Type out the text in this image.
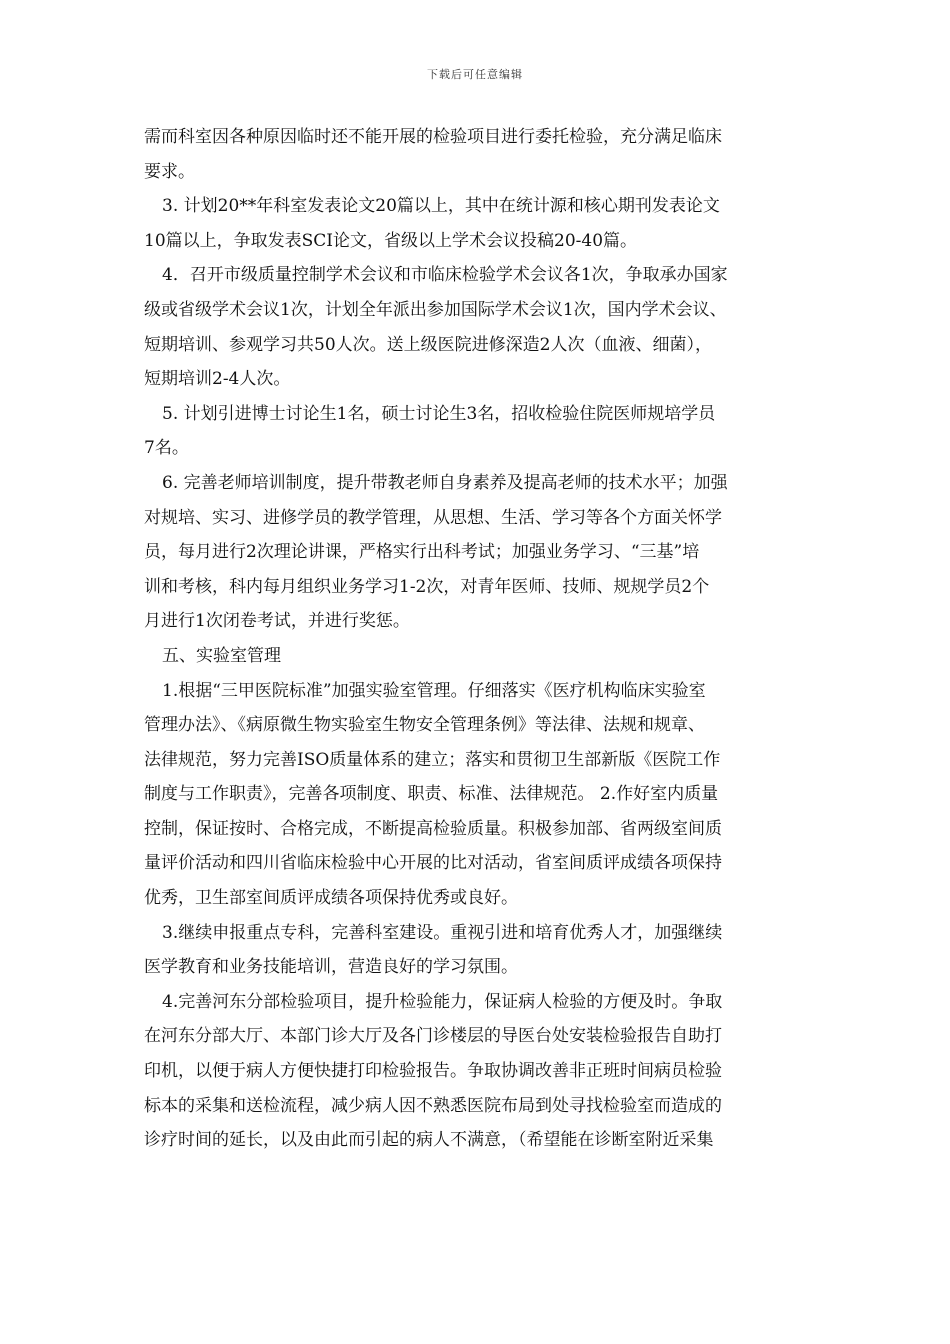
下载后可任意编辑
需而科室因各种原因临时还不能开展的检验项目进行委托检验，充分满足临床
要求。
3. 计划20**年科室发表论文20篇以上，其中在统计源和核心期刊发表论文
10篇以上，争取发表SCI论文，省级以上学术会议投稿20-40篇。
4．召开市级质量控制学术会议和市临床检验学术会议各1次，争取承办国家
级或省级学术会议1次，计划全年派出参加国际学术会议1次，国内学术会议、
短期培训、参观学习共50人次。送上级医院进修深造2人次（血液、细菌），
短期培训2-4人次。
5. 计划引进博士讨论生1名，硕士讨论生3名，招收检验住院医师规培学员
7名。
6. 完善老师培训制度，提升带教老师自身素养及提高老师的技术水平；加强
对规培、实习、进修学员的教学管理，从思想、生活、学习等各个方面关怀学
员，每月进行2次理论讲课，严格实行出科考试；加强业务学习、“三基”培
训和考核，科内每月组织业务学习1-2次，对青年医师、技师、规规学员2个
月进行1次闭卷考试，并进行奖惩。
五、实验室管理
1.根据“三甲医院标准”加强实验室管理。仔细落实《医疗机构临床实验室
管理办法》、《病原微生物实验室生物安全管理条例》等法律、法规和规章、
法律规范，努力完善ISO质量体系的建立；落实和贯彻卫生部新版《医院工作
制度与工作职责》，完善各项制度、职责、标准、法律规范。 2.作好室内质量
控制，保证按时、合格完成，不断提高检验质量。积极参加部、省两级室间质
量评价活动和四川省临床检验中心开展的比对活动，省室间质评成绩各项保持
优秀，卫生部室间质评成绩各项保持优秀或良好。
3.继续申报重点专科，完善科室建设。重视引进和培育优秀人才，加强继续
医学教育和业务技能培训，营造良好的学习氛围。
4.完善河东分部检验项目，提升检验能力，保证病人检验的方便及时。争取
在河东分部大厅、本部门诊大厅及各门诊楼层的导医台处安装检验报告自助打
印机，以便于病人方便快捷打印检验报告。争取协调改善非正班时间病员检验
标本的采集和送检流程，减少病人因不熟悉医院布局到处寻找检验室而造成的
诊疗时间的延长，以及由此而引起的病人不满意，（希望能在诊断室附近采集
